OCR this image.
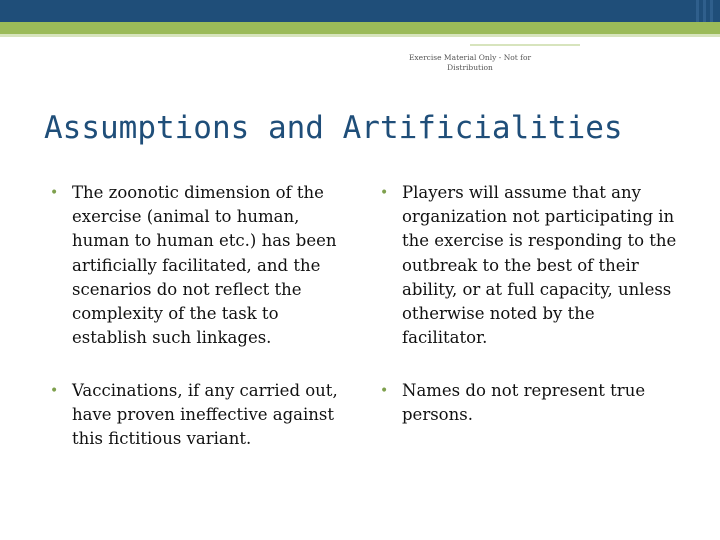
Exercise Material Only - Not for Distribution
Assumptions and Artificialities
• The zoonotic dimension of the exercise (animal to human, human to human etc.) has been artificially facilitated, and the scenarios do not reflect the complexity of the task to establish such linkages.
• Players will assume that any organization not participating in the exercise is responding to the outbreak to the best of their ability, or at full capacity, unless otherwise noted by the facilitator.
• Vaccinations, if any carried out, have proven ineffective against this fictitious variant.
• Names do not represent true persons.
